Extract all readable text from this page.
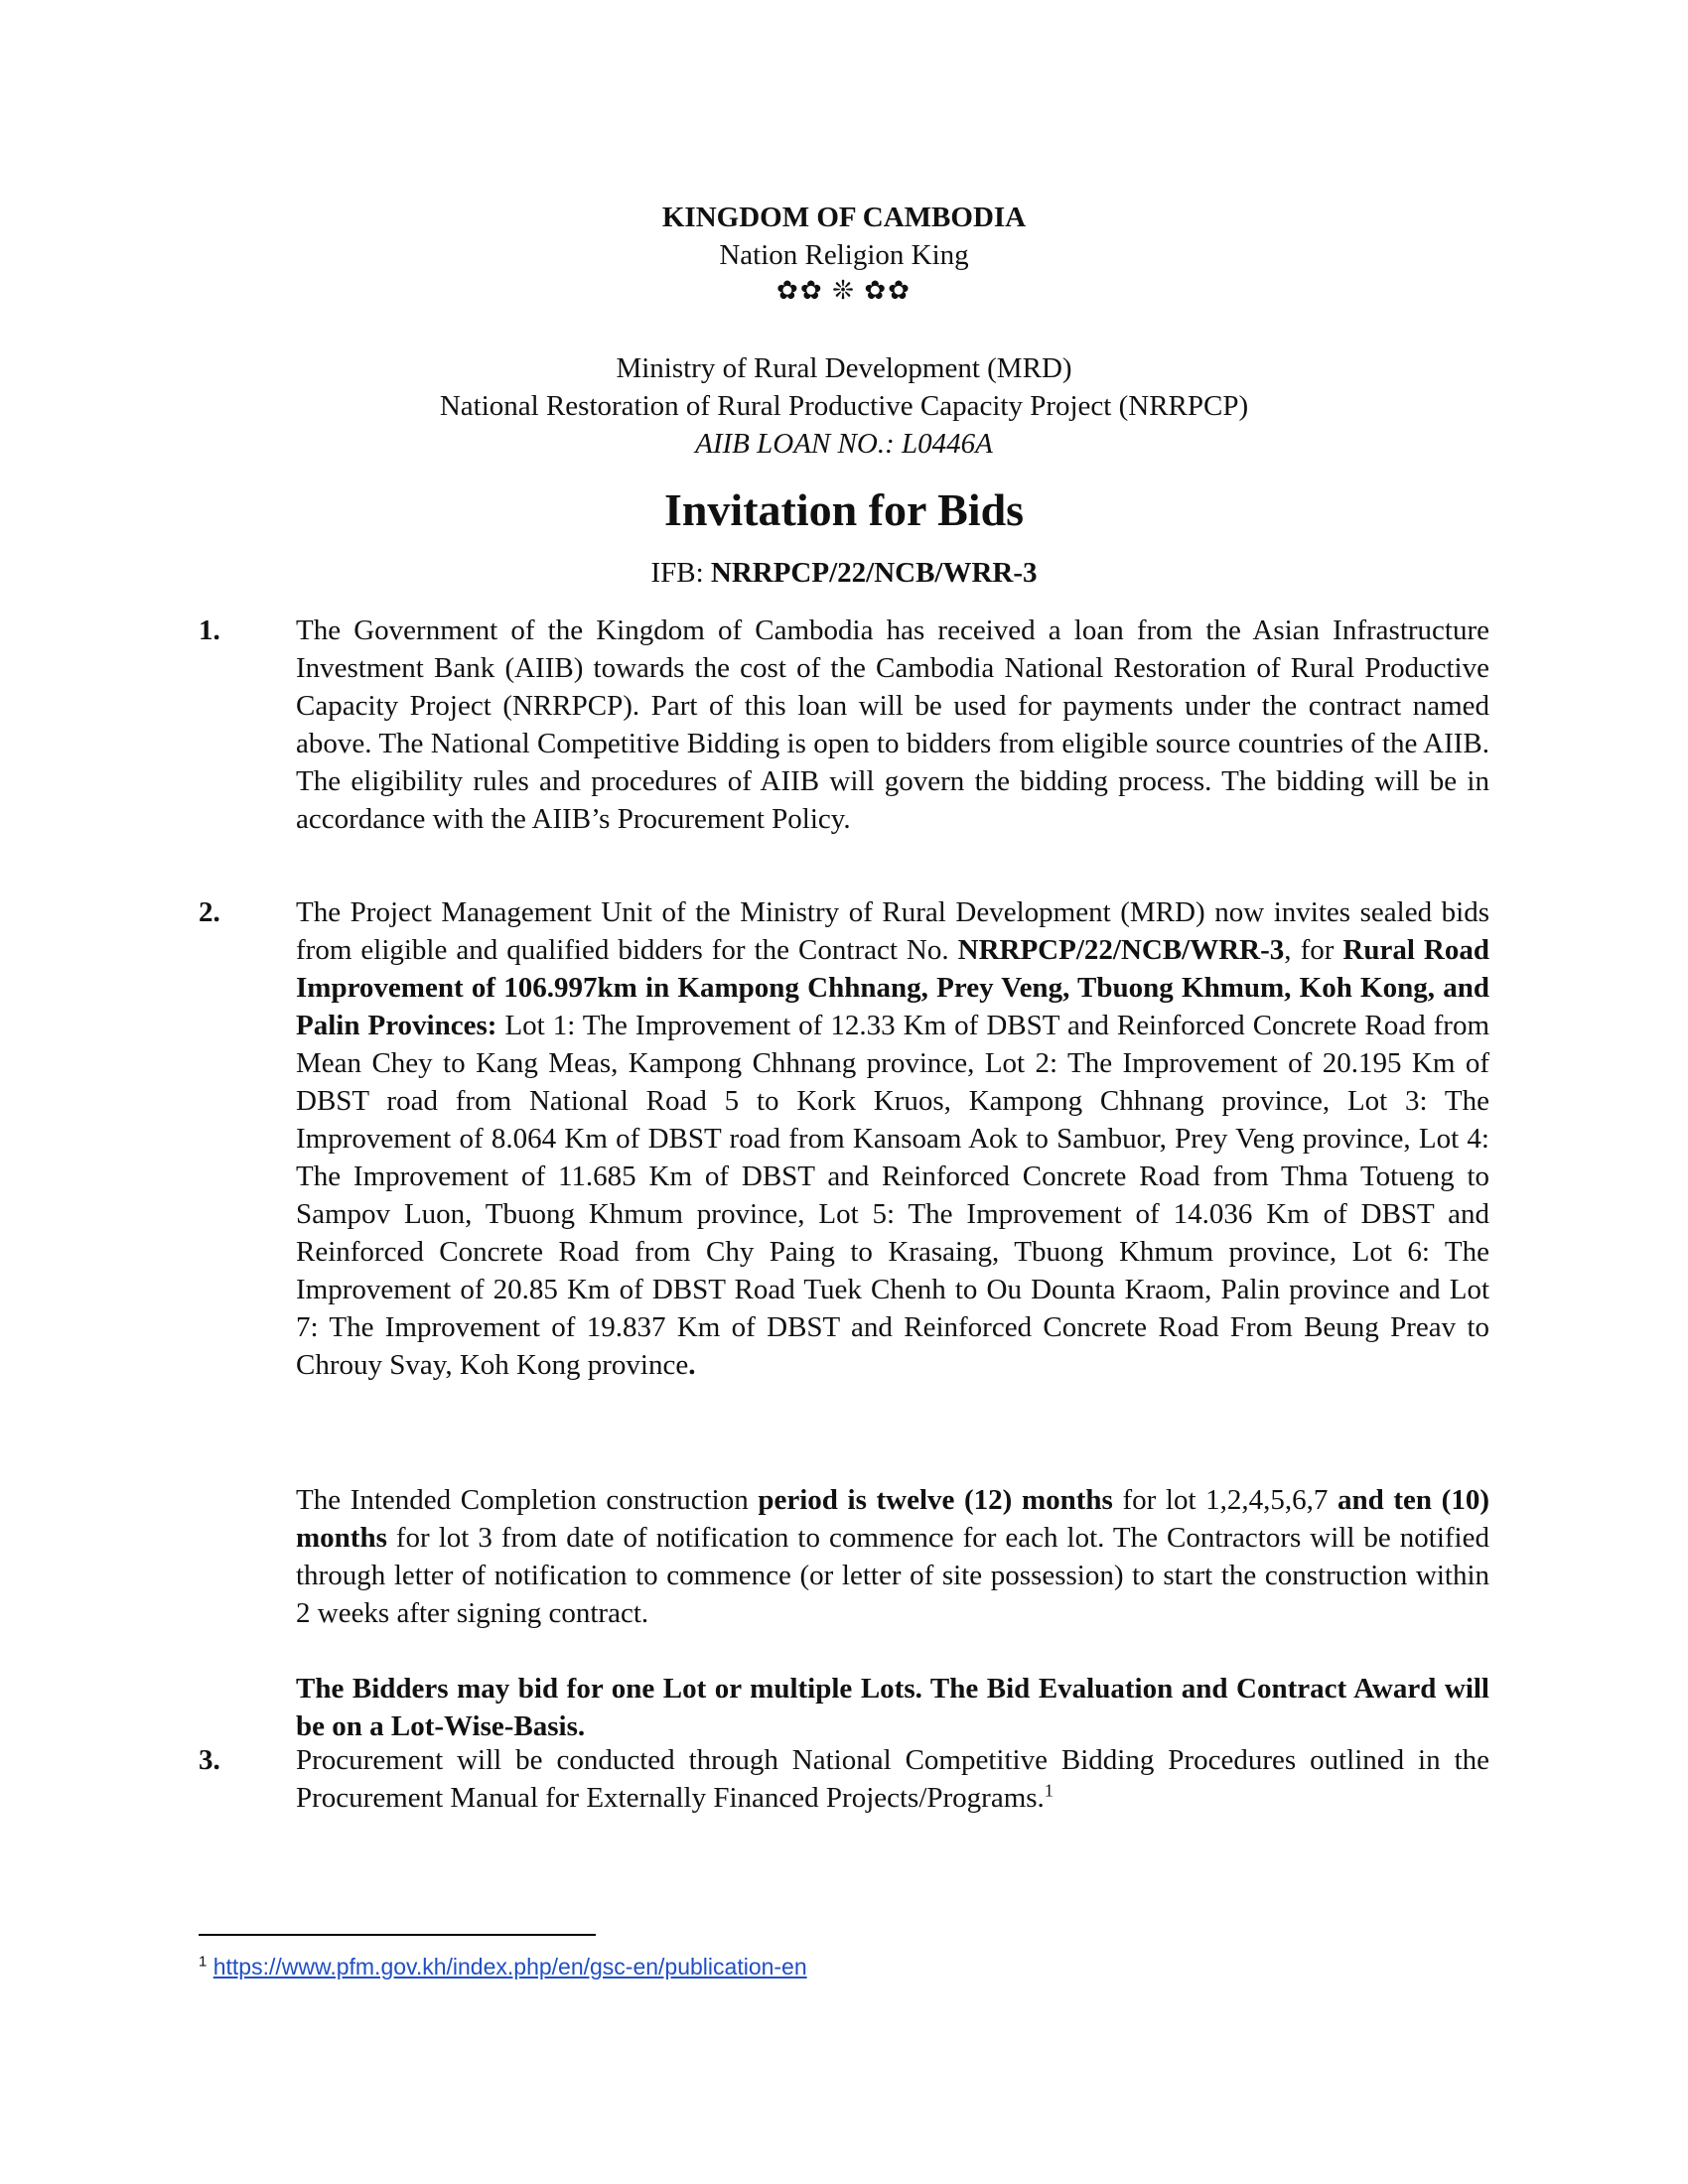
KINGDOM OF CAMBODIA
Nation Religion King
✿✿ ❊ ✿✿
Ministry of Rural Development (MRD)
National Restoration of Rural Productive Capacity Project (NRRPCP)
AIIB LOAN NO.: L0446A
Invitation for Bids
IFB: NRRPCP/22/NCB/WRR-3
1.	The Government of the Kingdom of Cambodia has received a loan from the Asian Infrastructure Investment Bank (AIIB) towards the cost of the Cambodia National Restoration of Rural Productive Capacity Project (NRRPCP). Part of this loan will be used for payments under the contract named above. The National Competitive Bidding is open to bidders from eligible source countries of the AIIB. The eligibility rules and procedures of AIIB will govern the bidding process. The bidding will be in accordance with the AIIB’s Procurement Policy.
2.	The Project Management Unit of the Ministry of Rural Development (MRD) now invites sealed bids from eligible and qualified bidders for the Contract No. NRRPCP/22/NCB/WRR-3, for Rural Road Improvement of 106.997km in Kampong Chhnang, Prey Veng, Tbuong Khmum, Koh Kong, and Palin Provinces: Lot 1: The Improvement of 12.33 Km of DBST and Reinforced Concrete Road from Mean Chey to Kang Meas, Kampong Chhnang province, Lot 2: The Improvement of 20.195 Km of DBST road from National Road 5 to Kork Kruos, Kampong Chhnang province, Lot 3: The Improvement of 8.064 Km of DBST road from Kansoam Aok to Sambuor, Prey Veng province, Lot 4: The Improvement of 11.685 Km of DBST and Reinforced Concrete Road from Thma Totueng to Sampov Luon, Tbuong Khmum province, Lot 5: The Improvement of 14.036 Km of DBST and Reinforced Concrete Road from Chy Paing to Krasaing, Tbuong Khmum province, Lot 6: The Improvement of 20.85 Km of DBST Road Tuek Chenh to Ou Dounta Kraom, Palin province and Lot 7: The Improvement of 19.837 Km of DBST and Reinforced Concrete Road From Beung Preav to Chrouy Svay, Koh Kong province.
The Intended Completion construction period is twelve (12) months for lot 1,2,4,5,6,7 and ten (10) months for lot 3 from date of notification to commence for each lot. The Contractors will be notified through letter of notification to commence (or letter of site possession) to start the construction within 2 weeks after signing contract.
The Bidders may bid for one Lot or multiple Lots. The Bid Evaluation and Contract Award will be on a Lot-Wise-Basis.
3.	Procurement will be conducted through National Competitive Bidding Procedures outlined in the Procurement Manual for Externally Financed Projects/Programs.$^1$
$^1$ https://www.pfm.gov.kh/index.php/en/gsc-en/publication-en
